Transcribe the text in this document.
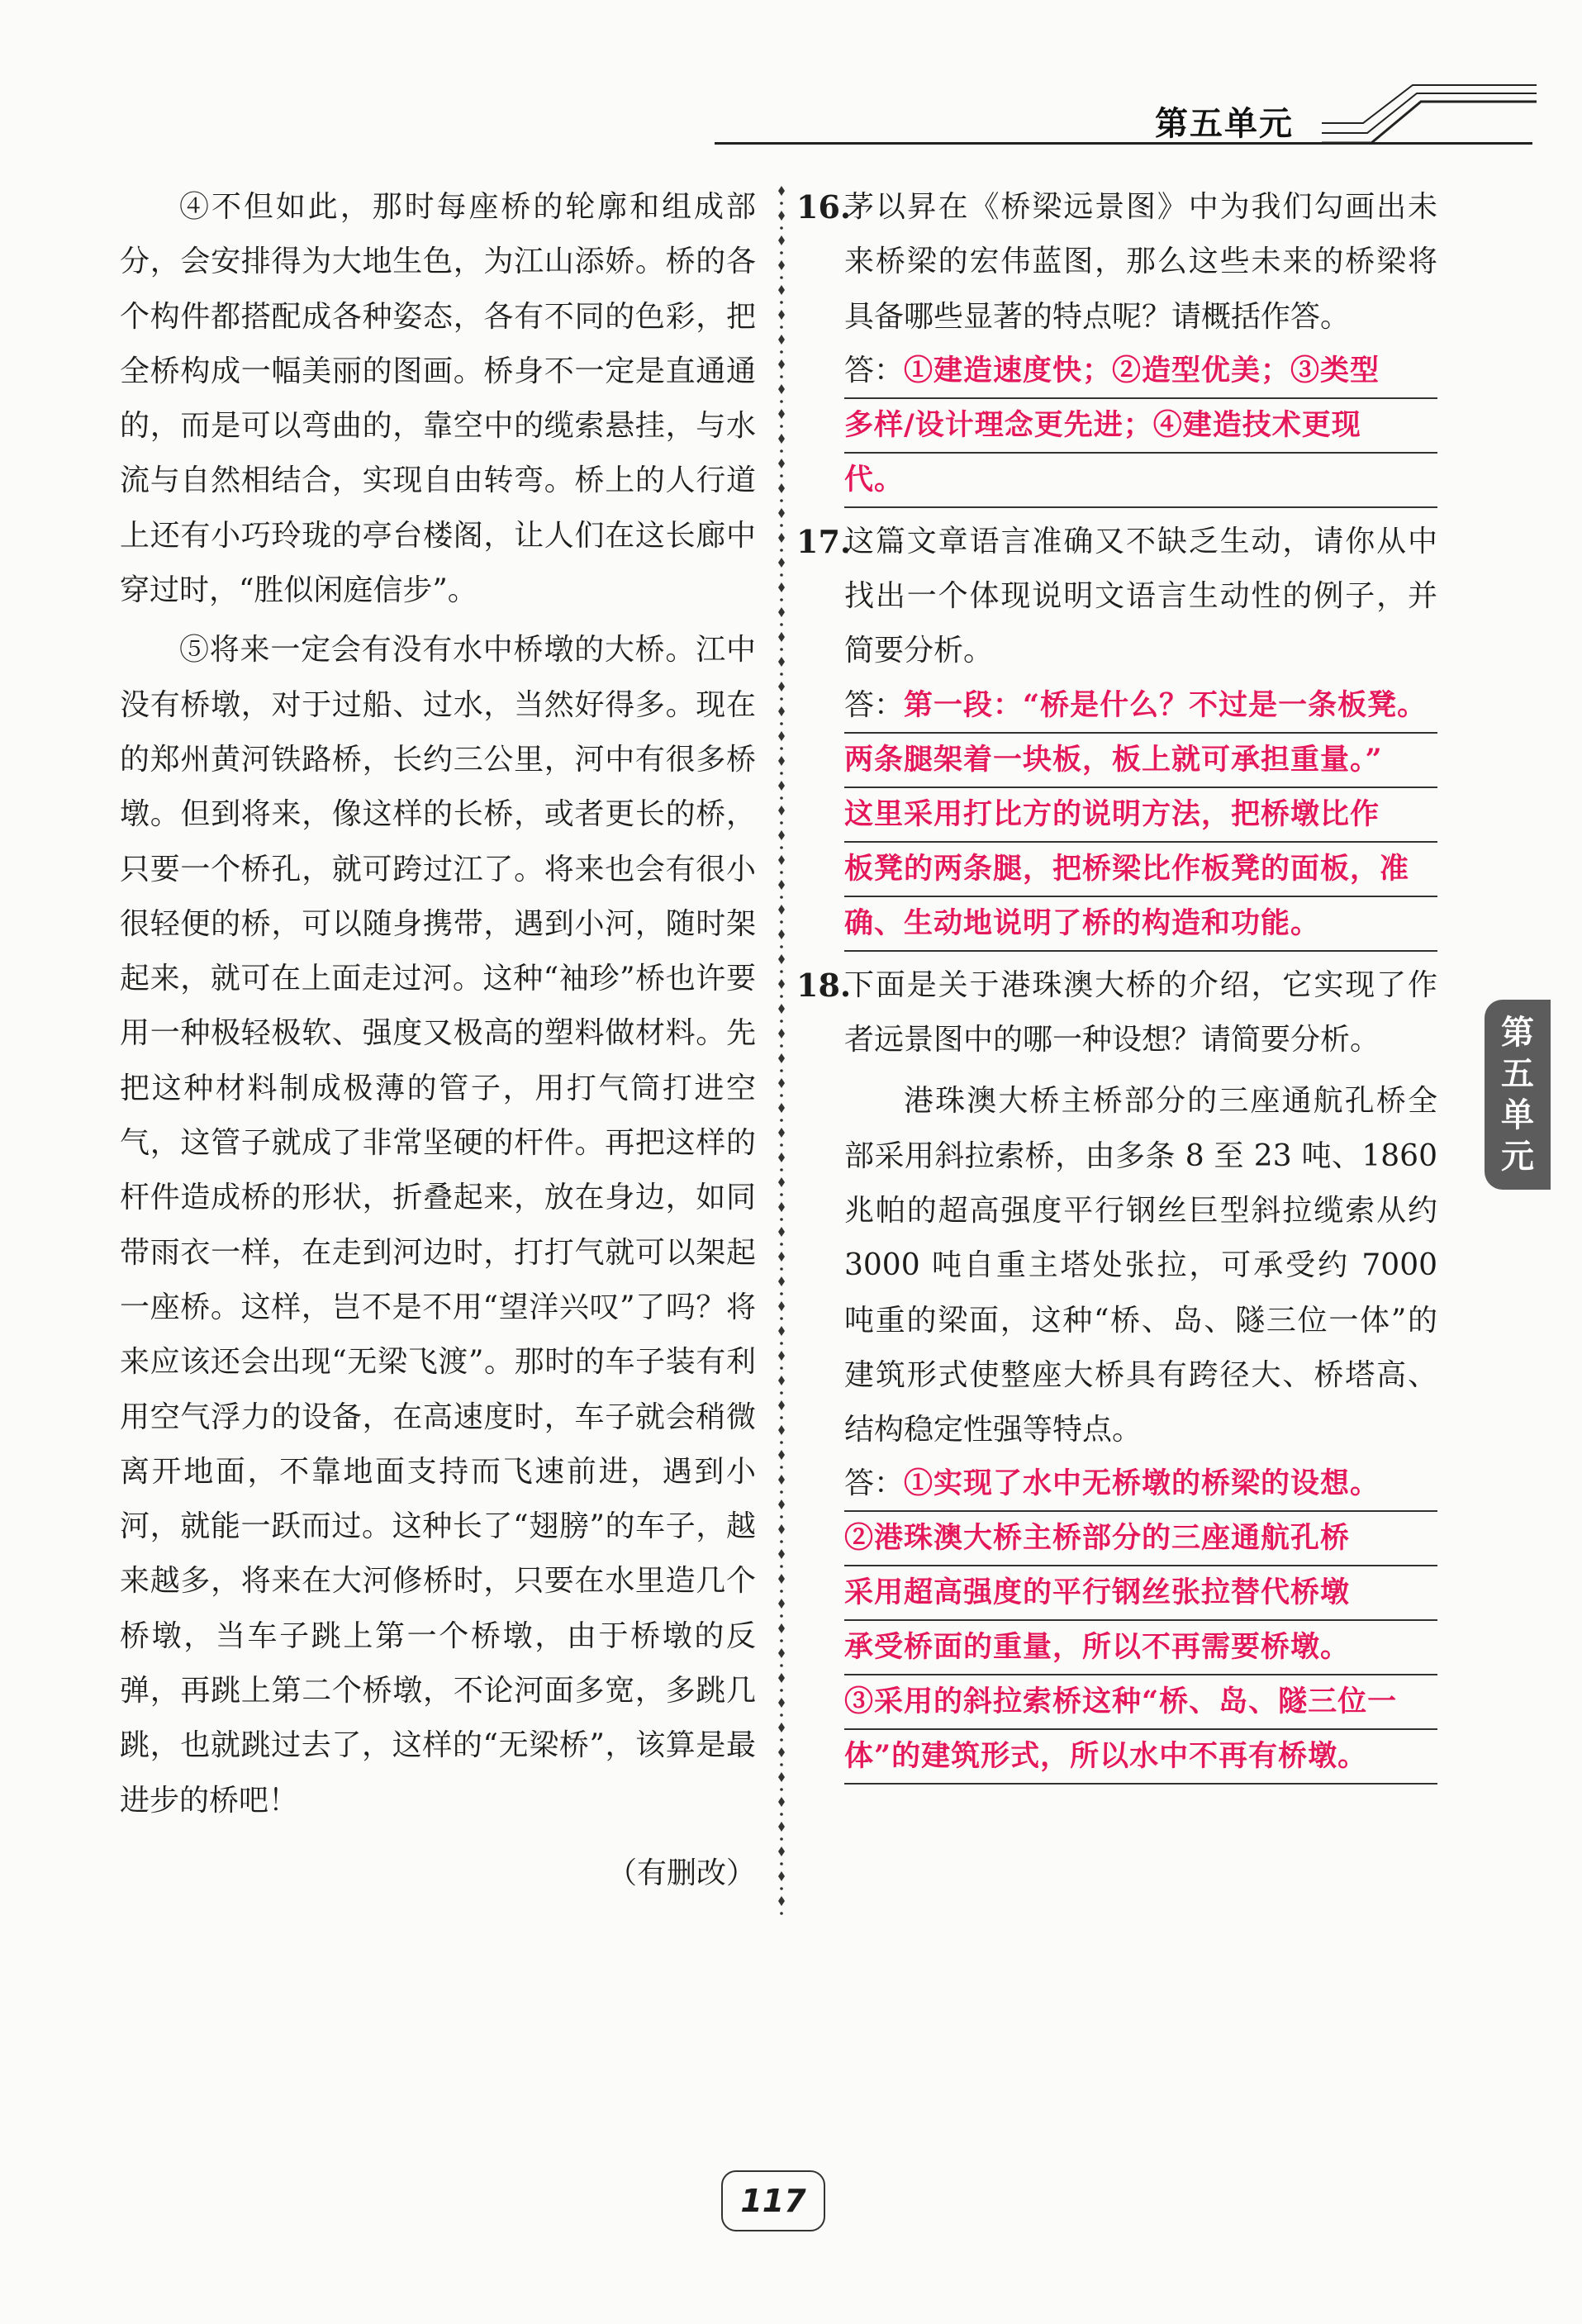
第五单元
第
五
单
元

④不但如此，那时每座桥的轮廓和组成部分，会安排得为大地生色，为江山添娇。桥的各个构件都搭配成各种姿态，各有不同的色彩，把全桥构成一幅美丽的图画。桥身不一定是直通通的，而是可以弯曲的，靠空中的缆索悬挂，与水流与自然相结合，实现自由转弯。桥上的人行道上还有小巧玲珑的亭台楼阁，让人们在这长廊中穿过时，“胜似闲庭信步”。

⑤将来一定会有没有水中桥墩的大桥。江中没有桥墩，对于过船、过水，当然好得多。现在的郑州黄河铁路桥，长约三公里，河中有很多桥墩。但到将来，像这样的长桥，或者更长的桥，只要一个桥孔，就可跨过江了。将来也会有很小很轻便的桥，可以随身携带，遇到小河，随时架起来，就可在上面走过河。这种“袖珍”桥也许要用一种极轻极软、强度又极高的塑料做材料。先把这种材料制成极薄的管子，用打气筒打进空气，这管子就成了非常坚硬的杆件。再把这样的杆件造成桥的形状，折叠起来，放在身边，如同带雨衣一样，在走到河边时，打打气就可以架起一座桥。这样，岂不是不用“望洋兴叹”了吗？将来应该还会出现“无梁飞渡”。那时的车子装有利用空气浮力的设备，在高速度时，车子就会稍微离开地面，不靠地面支持而飞速前进，遇到小河，就能一跃而过。这种长了“翅膀”的车子，越来越多，将来在大河修桥时，只要在水里造几个桥墩，当车子跳上第一个桥墩，由于桥墩的反弹，再跳上第二个桥墩，不论河面多宽，多跳几跳，也就跳过去了，这样的“无梁桥”，该算是最进步的桥吧！

（有删改）
16.

茅以昇在《桥梁远景图》中为我们勾画出未来桥梁的宏伟蓝图，那么这些未来的桥梁将具备哪些显著的特点呢？请概括作答。

答：①建造速度快；②造型优美；③类型
多样/设计理念更先进；④建造技术更现
代。
17.

这篇文章语言准确又不缺乏生动，请你从中找出一个体现说明文语言生动性的例子，并简要分析。

答：第一段：“桥是什么？不过是一条板凳。
两条腿架着一块板，板上就可承担重量。”
这里采用打比方的说明方法，把桥墩比作
板凳的两条腿，把桥梁比作板凳的面板，准
确、生动地说明了桥的构造和功能。
18.

下面是关于港珠澳大桥的介绍，它实现了作者远景图中的哪一种设想？请简要分析。

港珠澳大桥主桥部分的三座通航孔桥全部采用斜拉索桥，由多条 8 至 23 吨、1860 兆帕的超高强度平行钢丝巨型斜拉缆索从约 3000 吨自重主塔处张拉，可承受约 7000 吨重的梁面，这种“桥、岛、隧三位一体”的建筑形式使整座大桥具有跨径大、桥塔高、结构稳定性强等特点。

答：①实现了水中无桥墩的桥梁的设想。
②港珠澳大桥主桥部分的三座通航孔桥
采用超高强度的平行钢丝张拉替代桥墩
承受桥面的重量，所以不再需要桥墩。
③采用的斜拉索桥这种“桥、岛、隧三位一
体”的建筑形式，所以水中不再有桥墩。
117
